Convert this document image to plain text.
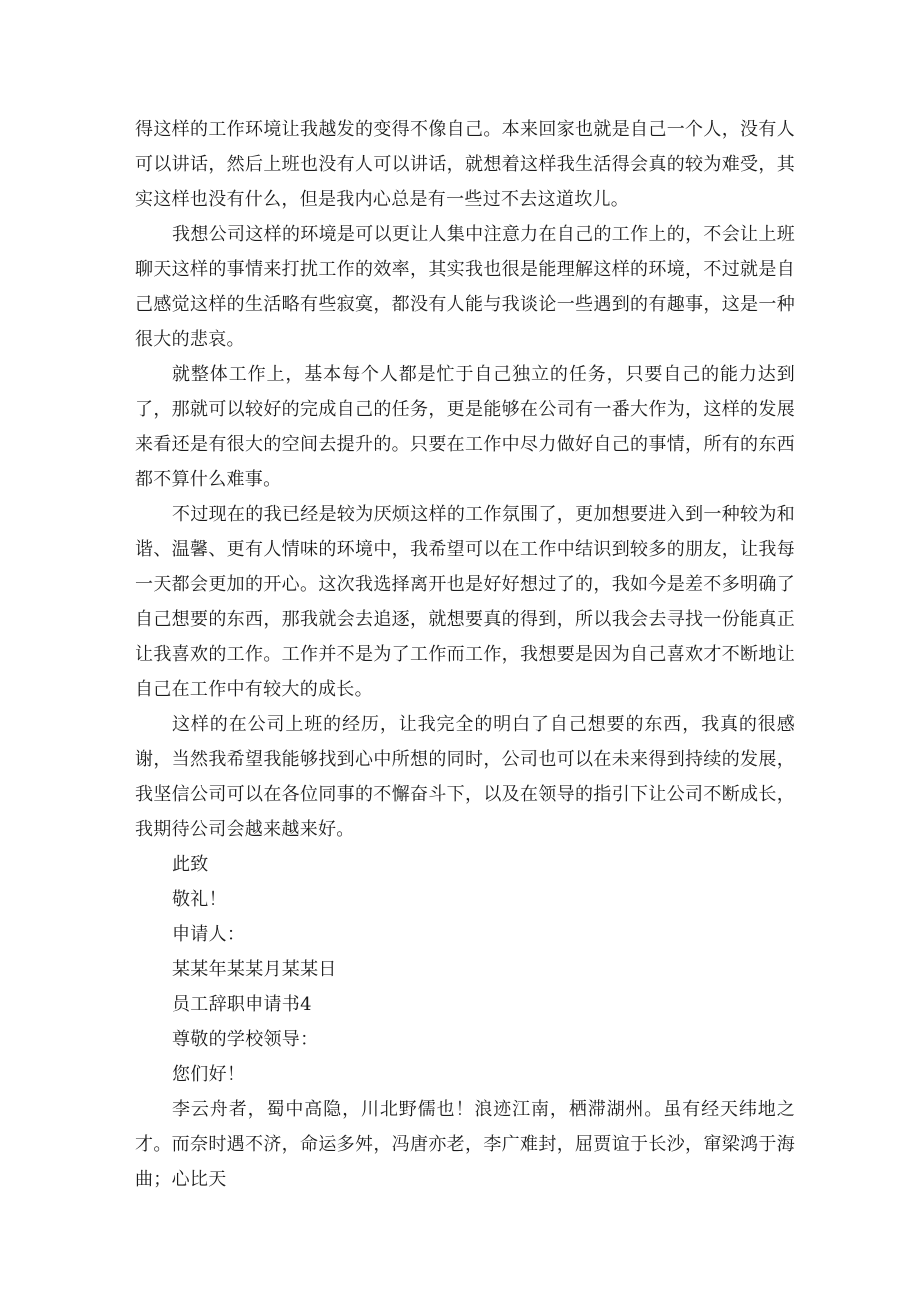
得这样的工作环境让我越发的变得不像自己。本来回家也就是自己一个人，没有人可以讲话，然后上班也没有人可以讲话，就想着这样我生活得会真的较为难受，其实这样也没有什么，但是我内心总是有一些过不去这道坎儿。

我想公司这样的环境是可以更让人集中注意力在自己的工作上的，不会让上班聊天这样的事情来打扰工作的效率，其实我也很是能理解这样的环境，不过就是自己感觉这样的生活略有些寂寞，都没有人能与我谈论一些遇到的有趣事，这是一种很大的悲哀。

就整体工作上，基本每个人都是忙于自己独立的任务，只要自己的能力达到了，那就可以较好的完成自己的任务，更是能够在公司有一番大作为，这样的发展来看还是有很大的空间去提升的。只要在工作中尽力做好自己的事情，所有的东西都不算什么难事。

不过现在的我已经是较为厌烦这样的工作氛围了，更加想要进入到一种较为和谐、温馨、更有人情味的环境中，我希望可以在工作中结识到较多的朋友，让我每一天都会更加的开心。这次我选择离开也是好好想过了的，我如今是差不多明确了自己想要的东西，那我就会去追逐，就想要真的得到，所以我会去寻找一份能真正让我喜欢的工作。工作并不是为了工作而工作，我想要是因为自己喜欢才不断地让自己在工作中有较大的成长。

这样的在公司上班的经历，让我完全的明白了自己想要的东西，我真的很感谢，当然我希望我能够找到心中所想的同时，公司也可以在未来得到持续的发展，我坚信公司可以在各位同事的不懈奋斗下，以及在领导的指引下让公司不断成长，我期待公司会越来越来好。

此致

敬礼！

申请人：

某某年某某月某某日

员工辞职申请书4

尊敬的学校领导：

您们好！

李云舟者，蜀中高隐，川北野儒也！浪迹江南，栖滞湖州。虽有经天纬地之才。而奈时遇不济，命运多舛，冯唐亦老，李广难封，屈贾谊于长沙，窜梁鸿于海曲；心比天
